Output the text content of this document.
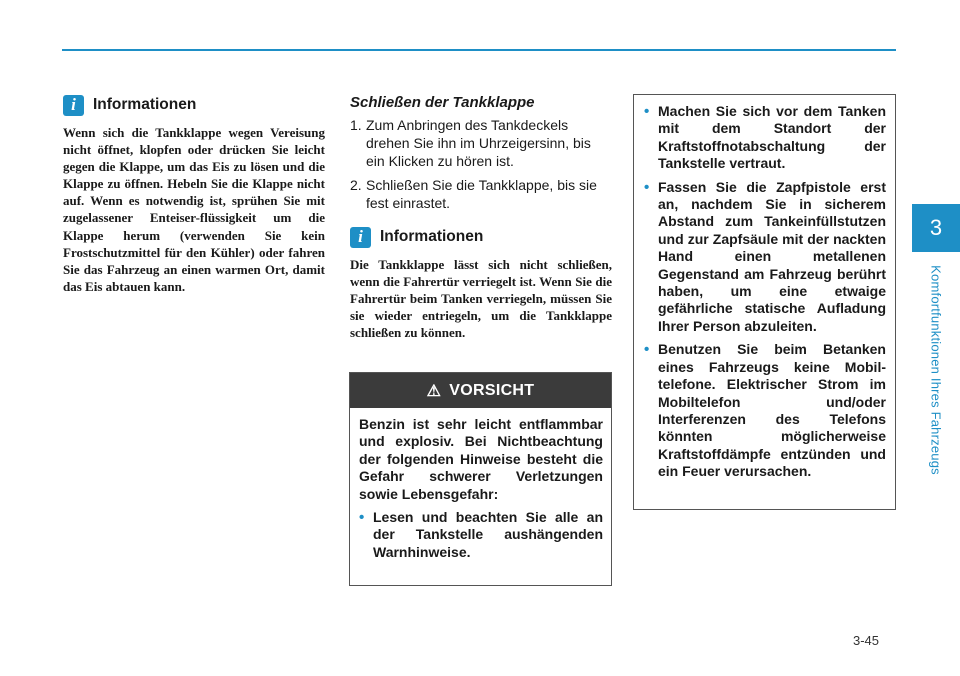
3
Komfortfunktionen Ihres Fahrzeugs
i	Informationen

Wenn sich die Tankklappe wegen Vereisung nicht öffnet, klopfen oder drücken Sie leicht gegen die Klappe, um das Eis zu lösen und die Klappe zu öffnen. Hebeln Sie die Klappe nicht auf. Wenn es notwendig ist, sprühen Sie mit zugelassener Enteiser-flüssigkeit um die Klappe herum (verwenden Sie kein Frostschutzmittel für den Kühler) oder fahren Sie das Fahrzeug an einen warmen Ort, damit das Eis abtauen kann.

Schließen der Tankklappe
1. Zum Anbringen des Tankdeckels drehen Sie ihn im Uhrzeigersinn, bis ein Klicken zu hören ist.
2. Schließen Sie die Tankklappe, bis sie fest einrastet.
i	Informationen

Die Tankklappe lässt sich nicht schließen, wenn die Fahrertür verriegelt ist. Wenn Sie die Fahrertür beim Tanken verriegeln, müssen Sie sie wieder entriegeln, um die Tankklappe schließen zu können.

⚠ VORSICHT

Benzin ist sehr leicht entflammbar und explosiv. Bei Nichtbeachtung der folgenden Hinweise besteht die Gefahr schwerer Verletzungen sowie Lebensgefahr:

• Lesen und beachten Sie alle an der Tankstelle aushängenden Warnhinweise.
• Machen Sie sich vor dem Tanken mit dem Standort der Kraftstoffnotabschaltung der Tankstelle vertraut.
• Fassen Sie die Zapfpistole erst an, nachdem Sie in sicherem Abstand zum Tankeinfüllstutzen und zur Zapfsäule mit der nackten Hand einen metallenen Gegenstand am Fahrzeug berührt haben, um eine etwaige gefährliche statische Aufladung Ihrer Person abzuleiten.
• Benutzen Sie beim Betanken eines Fahrzeugs keine Mobil-telefone. Elektrischer Strom im Mobiltelefon und/oder Interferenzen des Telefons könnten möglicherweise Kraftstoffdämpfe entzünden und ein Feuer verursachen.
3-45
